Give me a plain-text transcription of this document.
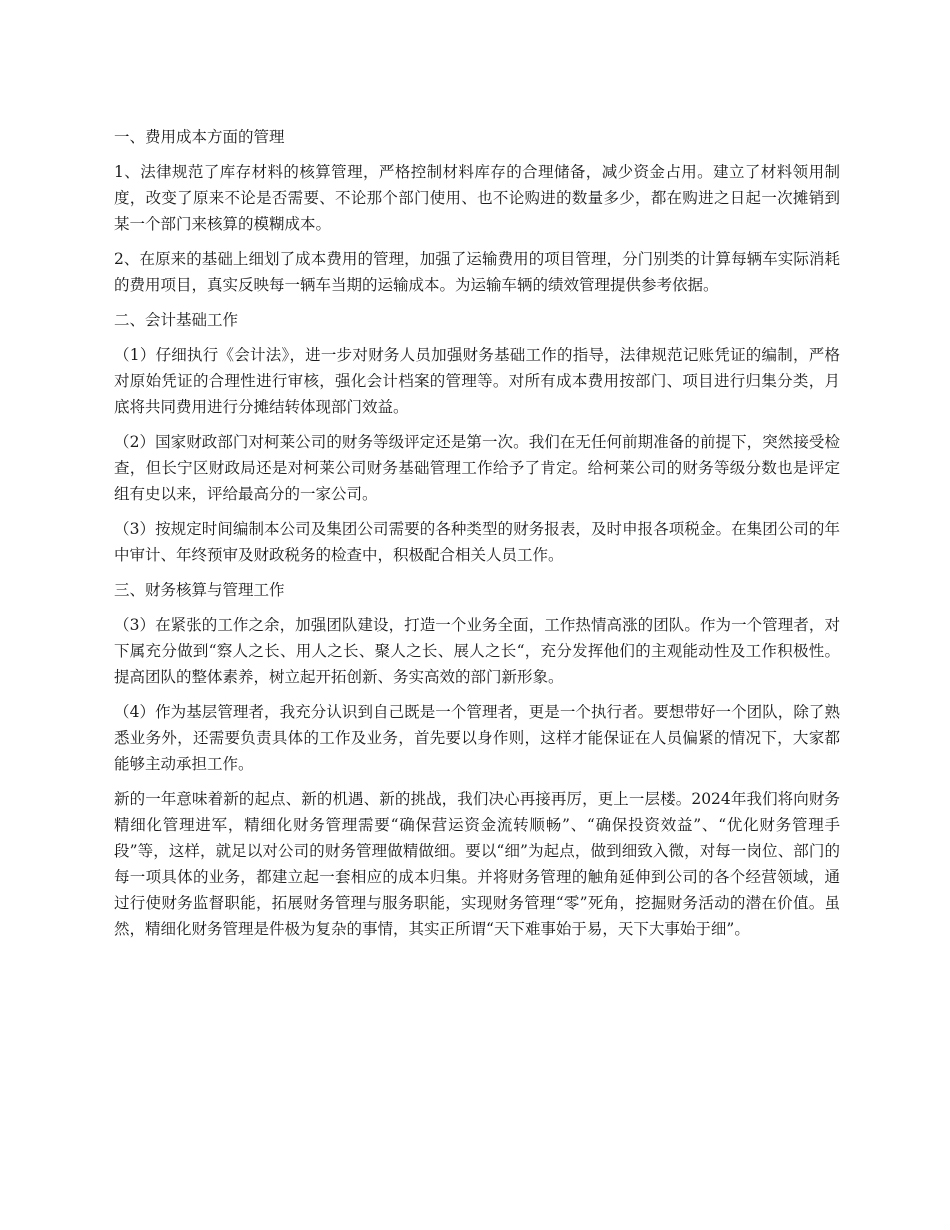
一、费用成本方面的管理
1、法律规范了库存材料的核算管理，严格控制材料库存的合理储备，减少资金占用。建立了材料领用制度，改变了原来不论是否需要、不论那个部门使用、也不论购进的数量多少，都在购进之日起一次摊销到某一个部门来核算的模糊成本。
2、在原来的基础上细划了成本费用的管理，加强了运输费用的项目管理，分门别类的计算每辆车实际消耗的费用项目，真实反映每一辆车当期的运输成本。为运输车辆的绩效管理提供参考依据。
二、会计基础工作
（1）仔细执行《会计法》，进一步对财务人员加强财务基础工作的指导，法律规范记账凭证的编制，严格对原始凭证的合理性进行审核，强化会计档案的管理等。对所有成本费用按部门、项目进行归集分类，月底将共同费用进行分摊结转体现部门效益。
（2）国家财政部门对柯莱公司的财务等级评定还是第一次。我们在无任何前期准备的前提下，突然接受检查，但长宁区财政局还是对柯莱公司财务基础管理工作给予了肯定。给柯莱公司的财务等级分数也是评定组有史以来，评给最高分的一家公司。
（3）按规定时间编制本公司及集团公司需要的各种类型的财务报表，及时申报各项税金。在集团公司的年中审计、年终预审及财政税务的检查中，积极配合相关人员工作。
三、财务核算与管理工作
（3）在紧张的工作之余，加强团队建设，打造一个业务全面，工作热情高涨的团队。作为一个管理者，对下属充分做到“察人之长、用人之长、聚人之长、展人之长“，充分发挥他们的主观能动性及工作积极性。提高团队的整体素养，树立起开拓创新、务实高效的部门新形象。
（4）作为基层管理者，我充分认识到自己既是一个管理者，更是一个执行者。要想带好一个团队，除了熟悉业务外，还需要负责具体的工作及业务，首先要以身作则，这样才能保证在人员偏紧的情况下，大家都能够主动承担工作。
新的一年意味着新的起点、新的机遇、新的挑战，我们决心再接再厉，更上一层楼。2024年我们将向财务精细化管理进军，精细化财务管理需要“确保营运资金流转顺畅”、“确保投资效益”、“优化财务管理手段”等，这样，就足以对公司的财务管理做精做细。要以“细”为起点，做到细致入微，对每一岗位、部门的每一项具体的业务，都建立起一套相应的成本归集。并将财务管理的触角延伸到公司的各个经营领域，通过行使财务监督职能，拓展财务管理与服务职能，实现财务管理“零”死角，挖掘财务活动的潜在价值。虽然，精细化财务管理是件极为复杂的事情，其实正所谓“天下难事始于易，天下大事始于细”。
